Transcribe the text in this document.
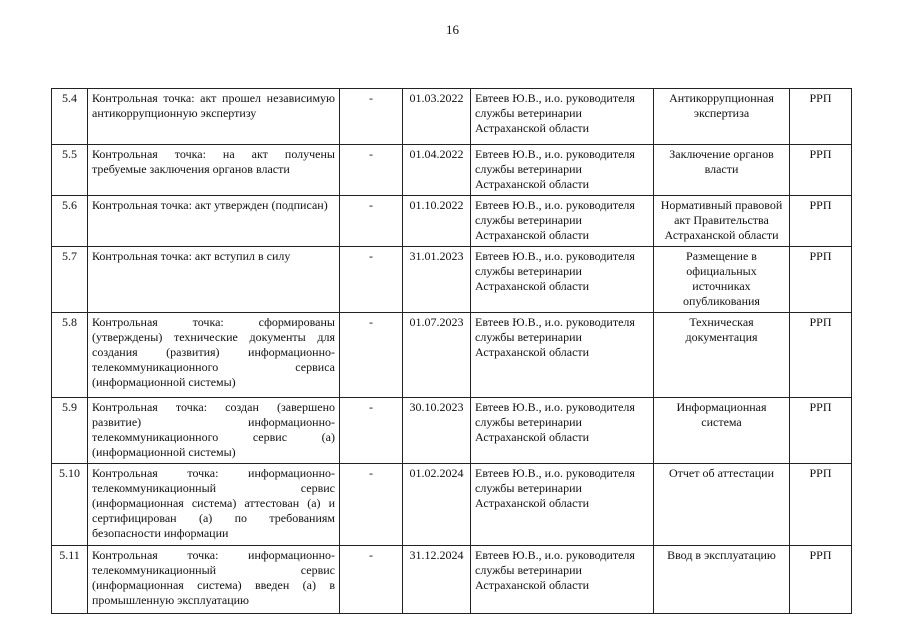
16
5.4	Контрольная точка: акт прошел независимую антикоррупционную экспертизу	-	01.03.2022	Евтеев Ю.В., и.о. руководителя службы ветеринарии Астраханской области	Антикоррупционная экспертиза	РРП
5.5	Контрольная точка: на акт получены требуемые заключения органов власти	-	01.04.2022	Евтеев Ю.В., и.о. руководителя службы ветеринарии Астраханской области	Заключение органов власти	РРП
5.6	Контрольная точка: акт утвержден (подписан)	-	01.10.2022	Евтеев Ю.В., и.о. руководителя службы ветеринарии Астраханской области	Нормативный правовой акт Правительства Астраханской области	РРП
5.7	Контрольная точка: акт вступил в силу	-	31.01.2023	Евтеев Ю.В., и.о. руководителя службы ветеринарии Астраханской области	Размещение в официальных источниках опубликования	РРП
5.8	Контрольная точка: сформированы (утверждены) технические документы для создания (развития) информационно-телекоммуникационного сервиса (информационной системы)	-	01.07.2023	Евтеев Ю.В., и.о. руководителя службы ветеринарии Астраханской области	Техническая документация	РРП
5.9	Контрольная точка: создан (завершено развитие) информационно-телекоммуникационного сервис (а) (информационной системы)	-	30.10.2023	Евтеев Ю.В., и.о. руководителя службы ветеринарии Астраханской области	Информационная система	РРП
5.10	Контрольная точка: информационно-телекоммуникационный сервис (информационная система) аттестован (а) и сертифицирован (а) по требованиям безопасности информации	-	01.02.2024	Евтеев Ю.В., и.о. руководителя службы ветеринарии Астраханской области	Отчет об аттестации	РРП
5.11	Контрольная точка: информационно-телекоммуникационный сервис (информационная система) введен (а) в промышленную эксплуатацию	-	31.12.2024	Евтеев Ю.В., и.о. руководителя службы ветеринарии Астраханской области	Ввод в эксплуатацию	РРП
